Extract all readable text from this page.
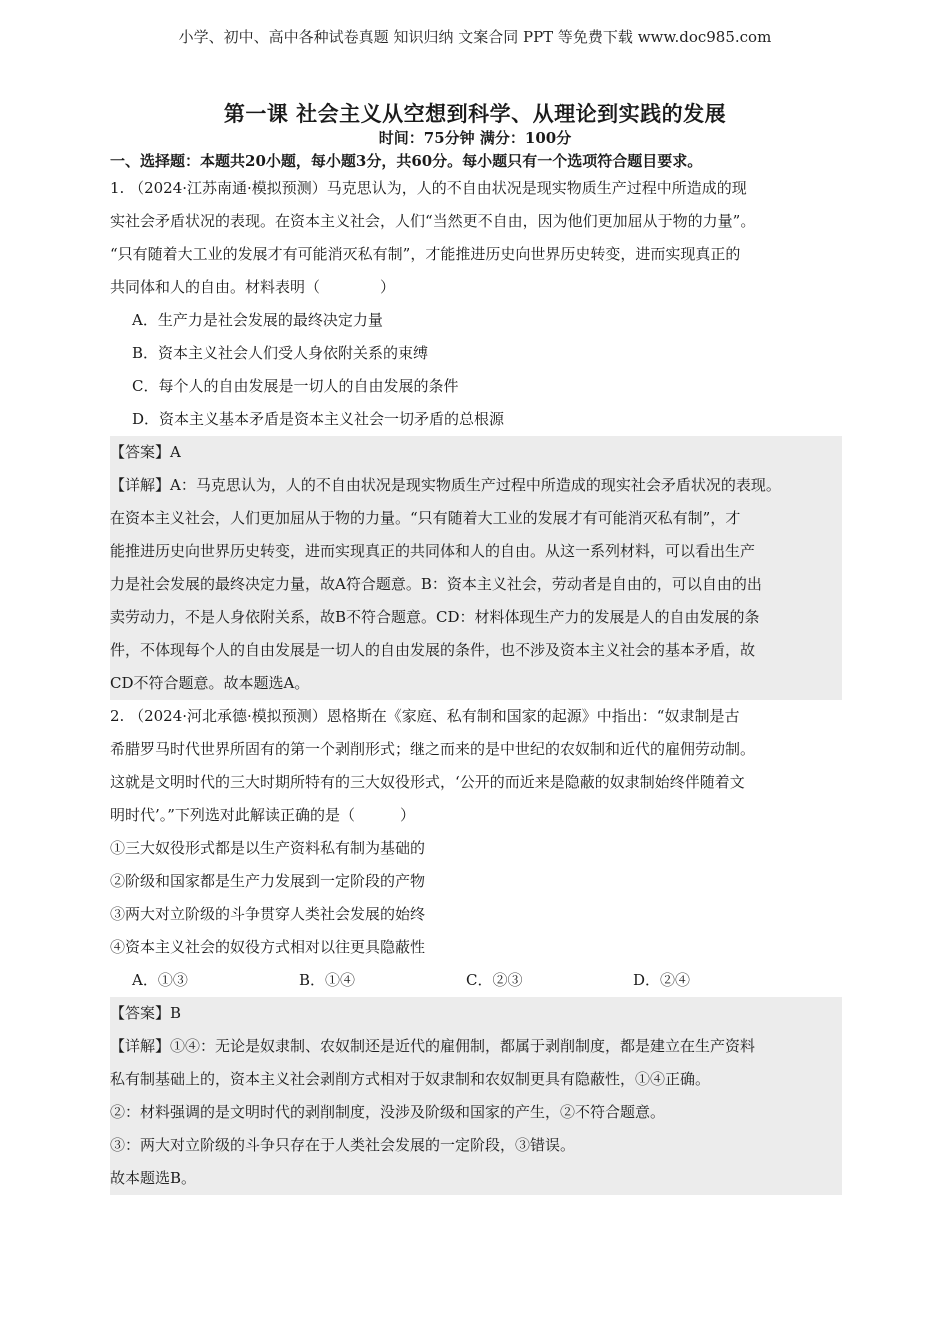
小学、初中、高中各种试卷真题 知识归纳 文案合同 PPT 等免费下载 www.doc985.com
第一课 社会主义从空想到科学、从理论到实践的发展
时间：75分钟 满分：100分
一、选择题：本题共20小题，每小题3分，共60分。每小题只有一个选项符合题目要求。
1. （2024·江苏南通·模拟预测）马克思认为，人的不自由状况是现实物质生产过程中所造成的现
实社会矛盾状况的表现。在资本主义社会，人们“当然更不自由，因为他们更加屈从于物的力量”。
“只有随着大工业的发展才有可能消灭私有制”，才能推进历史向世界历史转变，进而实现真正的
共同体和人的自由。材料表明（　　　　）
A．生产力是社会发展的最终决定力量
B．资本主义社会人们受人身依附关系的束缚
C．每个人的自由发展是一切人的自由发展的条件
D．资本主义基本矛盾是资本主义社会一切矛盾的总根源
【答案】A
【详解】A：马克思认为，人的不自由状况是现实物质生产过程中所造成的现实社会矛盾状况的表现。
在资本主义社会，人们更加屈从于物的力量。“只有随着大工业的发展才有可能消灭私有制”，才
能推进历史向世界历史转变，进而实现真正的共同体和人的自由。从这一系列材料，可以看出生产
力是社会发展的最终决定力量，故A符合题意。B：资本主义社会，劳动者是自由的，可以自由的出
卖劳动力，不是人身依附关系，故B不符合题意。CD：材料体现生产力的发展是人的自由发展的条
件，不体现每个人的自由发展是一切人的自由发展的条件，也不涉及资本主义社会的基本矛盾，故
CD不符合题意。故本题选A。
2. （2024·河北承德·模拟预测）恩格斯在《家庭、私有制和国家的起源》中指出：“奴隶制是古
希腊罗马时代世界所固有的第一个剥削形式；继之而来的是中世纪的农奴制和近代的雇佣劳动制。
这就是文明时代的三大时期所特有的三大奴役形式，‘公开的而近来是隐蔽的奴隶制始终伴随着文
明时代’。”下列选对此解读正确的是（　　　）
①三大奴役形式都是以生产资料私有制为基础的
②阶级和国家都是生产力发展到一定阶段的产物
③两大对立阶级的斗争贯穿人类社会发展的始终
④资本主义社会的奴役方式相对以往更具隐蔽性
A．①③	B．①④	C．②③	D．②④
【答案】B
【详解】①④：无论是奴隶制、农奴制还是近代的雇佣制，都属于剥削制度，都是建立在生产资料
私有制基础上的，资本主义社会剥削方式相对于奴隶制和农奴制更具有隐蔽性，①④正确。
②：材料强调的是文明时代的剥削制度，没涉及阶级和国家的产生，②不符合题意。
③：两大对立阶级的斗争只存在于人类社会发展的一定阶段，③错误。
故本题选B。
